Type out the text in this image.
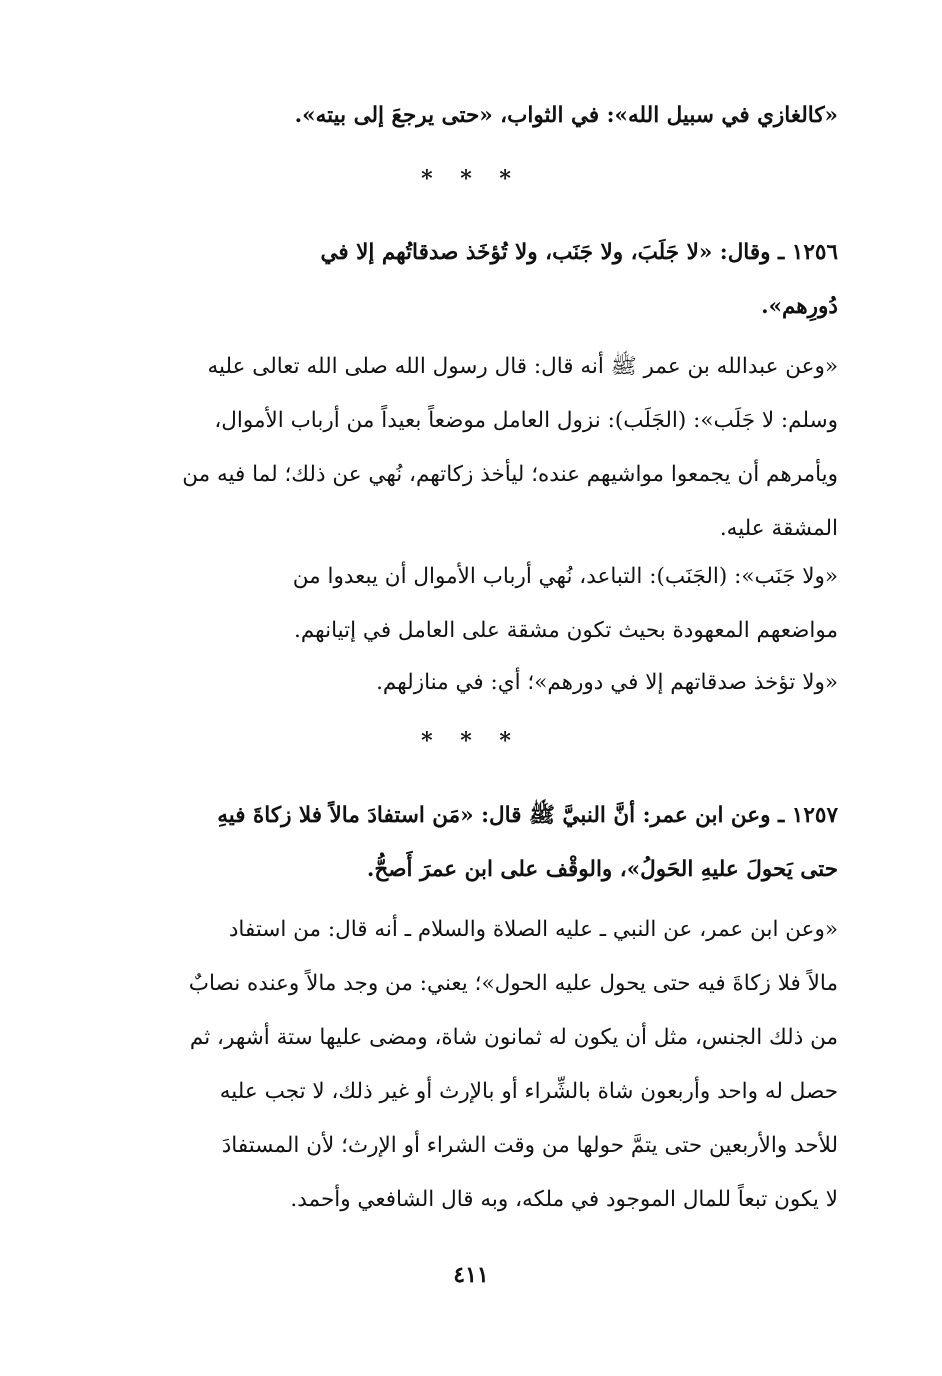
«كالغازي في سبيل الله»: في الثواب، «حتى يرجعَ إلى بيته».
* * *
١٢٥٦ ـ وقال: «لا جَلَبَ، ولا جَنَب، ولا تُؤخَذ صدقاتُهم إلا في
دُورِهم».
«وعن عبدالله بن عمر ﷺ أنه قال: قال رسول الله صلى الله تعالى عليه
وسلم: لا جَلَب»: (الجَلَب): نزول العامل موضعاً بعيداً من أرباب الأموال،
ويأمرهم أن يجمعوا مواشيهم عنده؛ ليأخذ زكاتهم، نُهي عن ذلك؛ لما فيه من
المشقة عليه.
«ولا جَنَب»: (الجَنَب): التباعد، نُهي أرباب الأموال أن يبعدوا من
مواضعهم المعهودة بحيث تكون مشقة على العامل في إتيانهم.
«ولا تؤخذ صدقاتهم إلا في دورهم»؛ أي: في منازلهم.
* * *
١٢٥٧ ـ وعن ابن عمر: أنَّ النبيَّ ﷺ قال: «مَن استفادَ مالاً فلا زكاةَ فيهِ
حتى يَحولَ عليهِ الحَولُ»، والوقْف على ابن عمرَ أَصحُّ.
«وعن ابن عمر، عن النبي ـ عليه الصلاة والسلام ـ أنه قال: من استفاد
مالاً فلا زكاةَ فيه حتى يحول عليه الحول»؛ يعني: من وجد مالاً وعنده نصابٌ
من ذلك الجنس، مثل أن يكون له ثمانون شاة، ومضى عليها ستة أشهر، ثم
حصل له واحد وأربعون شاة بالشِّراء أو بالإرث أو غير ذلك، لا تجب عليه
للأحد والأربعين حتى يتمَّ حولها من وقت الشراء أو الإرث؛ لأن المستفادَ
لا يكون تبعاً للمال الموجود في ملكه، وبه قال الشافعي وأحمد.
٤١١
